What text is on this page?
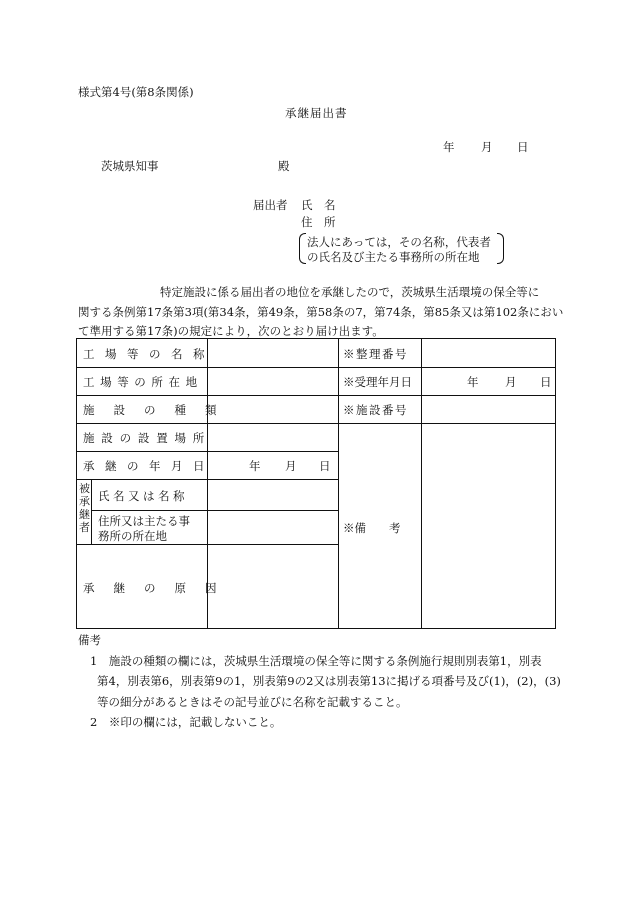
様式第4号(第8条関係)
承継届出書
年 月 日
茨城県知事	殿
届出者 氏　名
住　所
法人にあっては，その名称，代表者
の氏名及び主たる事務所の所在地
特定施設に係る届出者の地位を承継したので，茨城県生活環境の保全等に
関する条例第17条第3項(第34条，第49条，第58条の7，第74条，第85条又は第102条におい
て準用する第17条)の規定により，次のとおり届け出ます。
工場等の名称
工場等の所在地
施設の種類
施設の設置場所
承継の年月日
被承継者
氏名又は名称
住所又は主たる事
務所の所在地
承継の原因
年 月 日
※整理番号
※受理年月日
※施設番号
※備　　考
年 月 日
備考
1　施設の種類の欄には，茨城県生活環境の保全等に関する条例施行規則別表第1，別表
第4，別表第6，別表第9の1，別表第9の2又は別表第13に掲げる項番号及び(1)，(2)，(3)
等の細分があるときはその記号並びに名称を記載すること。
2　※印の欄には，記載しないこと。
